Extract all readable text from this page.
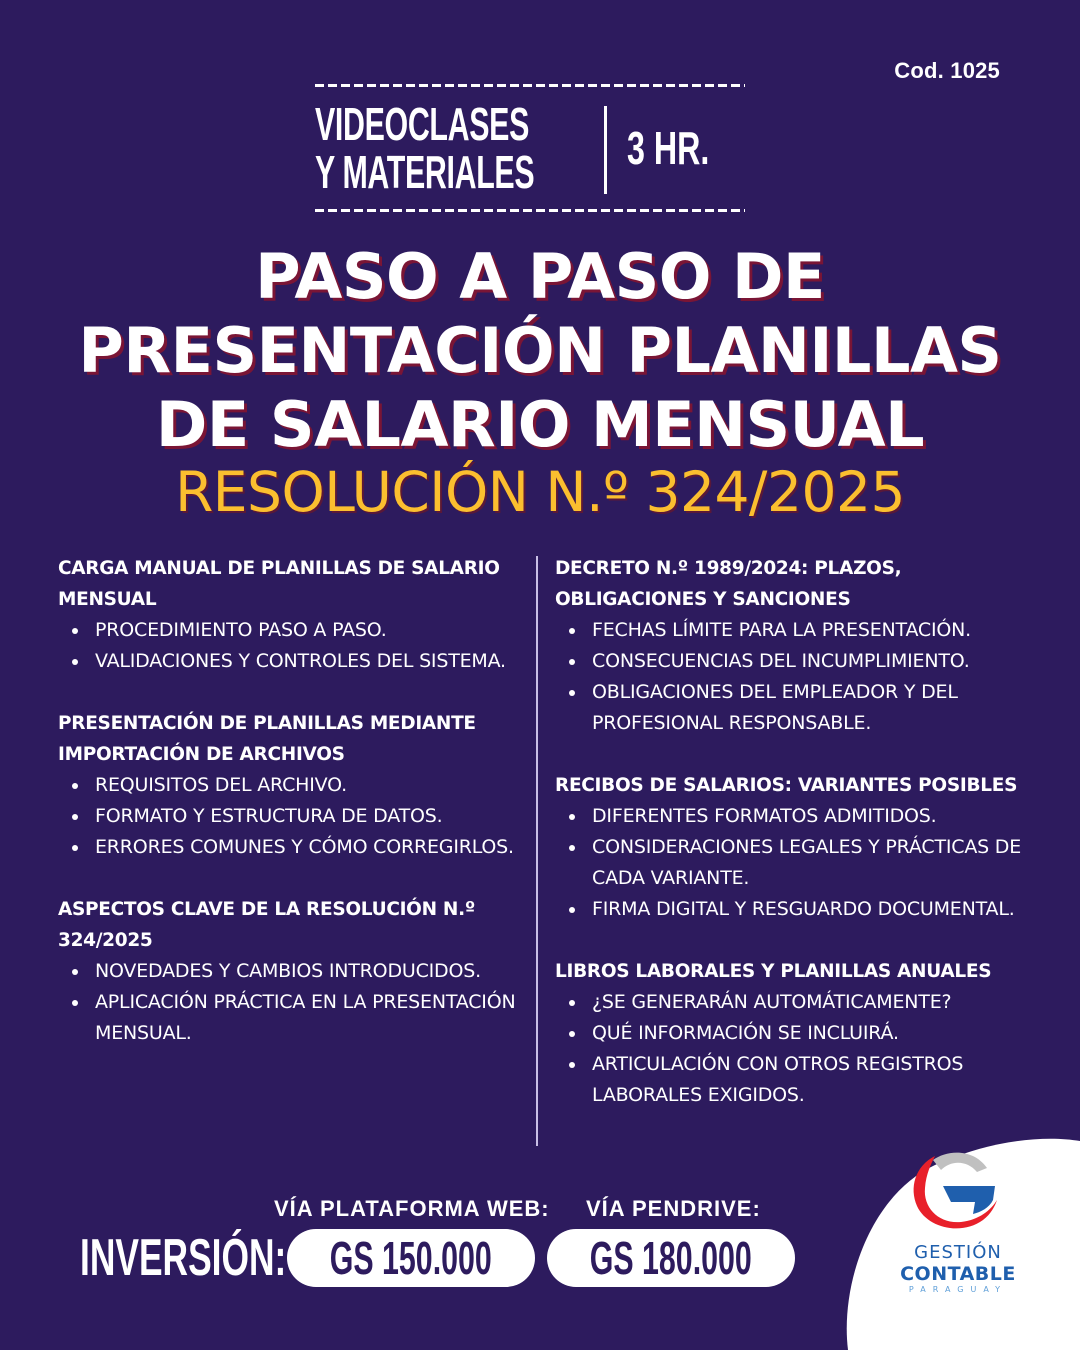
Cod. 1025
VIDEOCLASES
Y MATERIALES 3 HR.
PASO A PASO DE
PRESENTACIÓN PLANILLAS
DE SALARIO MENSUAL
RESOLUCIÓN N.º 324/2025
CARGA MANUAL DE PLANILLAS DE SALARIO MENSUAL
PROCEDIMIENTO PASO A PASO.
VALIDACIONES Y CONTROLES DEL SISTEMA.
PRESENTACIÓN DE PLANILLAS MEDIANTE IMPORTACIÓN DE ARCHIVOS
REQUISITOS DEL ARCHIVO.
FORMATO Y ESTRUCTURA DE DATOS.
ERRORES COMUNES Y CÓMO CORREGIRLOS.
ASPECTOS CLAVE DE LA RESOLUCIÓN N.º 324/2025
NOVEDADES Y CAMBIOS INTRODUCIDOS.
APLICACIÓN PRÁCTICA EN LA PRESENTACIÓN MENSUAL.
DECRETO N.º 1989/2024: PLAZOS, OBLIGACIONES Y SANCIONES
FECHAS LÍMITE PARA LA PRESENTACIÓN.
CONSECUENCIAS DEL INCUMPLIMIENTO.
OBLIGACIONES DEL EMPLEADOR Y DEL PROFESIONAL RESPONSABLE.
RECIBOS DE SALARIOS: VARIANTES POSIBLES
DIFERENTES FORMATOS ADMITIDOS.
CONSIDERACIONES LEGALES Y PRÁCTICAS DE CADA VARIANTE.
FIRMA DIGITAL Y RESGUARDO DOCUMENTAL.
LIBROS LABORALES Y PLANILLAS ANUALES
¿SE GENERARÁN AUTOMÁTICAMENTE?
QUÉ INFORMACIÓN SE INCLUIRÁ.
ARTICULACIÓN CON OTROS REGISTROS LABORALES EXIGIDOS.
VÍA PLATAFORMA WEB: VÍA PENDRIVE:
INVERSIÓN: GS 150.000 GS 180.000	GESTIÓN
CONTABLE
PARAGUAY
